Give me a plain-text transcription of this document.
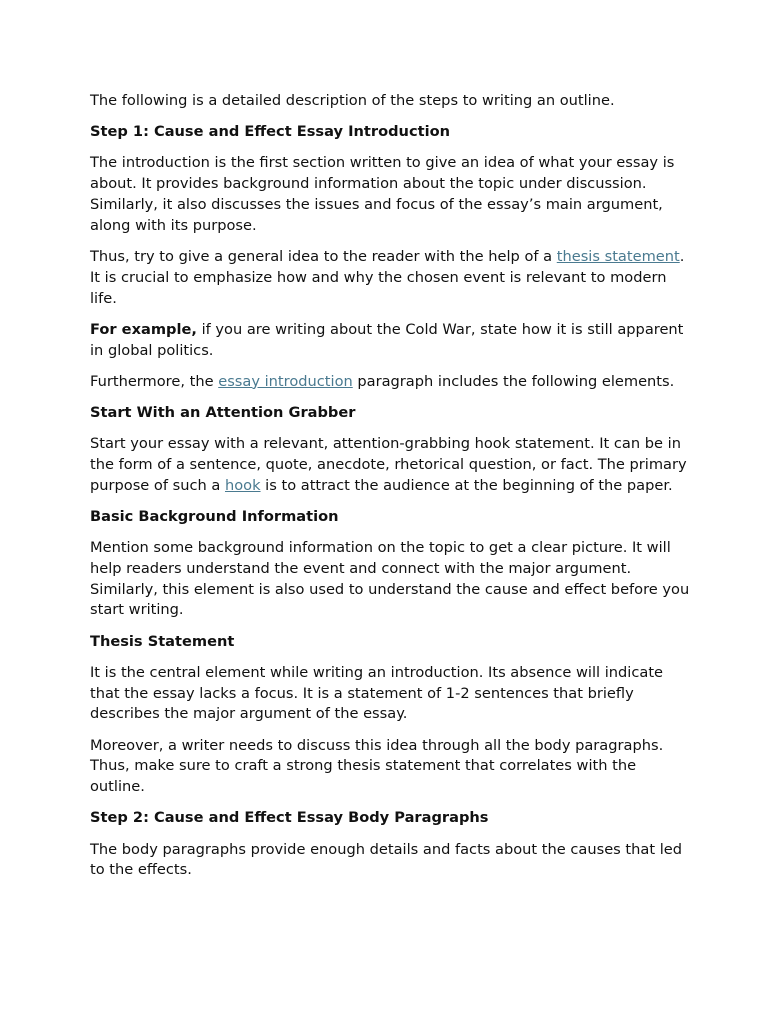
The following is a detailed description of the steps to writing an outline.

Step 1: Cause and Effect Essay Introduction

The introduction is the first section written to give an idea of what your essay is about. It provides background information about the topic under discussion. Similarly, it also discusses the issues and focus of the essay’s main argument, along with its purpose.

Thus, try to give a general idea to the reader with the help of a thesis statement. It is crucial to emphasize how and why the chosen event is relevant to modern life.

For example, if you are writing about the Cold War, state how it is still apparent in global politics.

Furthermore, the essay introduction paragraph includes the following elements.

Start With an Attention Grabber

Start your essay with a relevant, attention-grabbing hook statement. It can be in the form of a sentence, quote, anecdote, rhetorical question, or fact. The primary purpose of such a hook is to attract the audience at the beginning of the paper.

Basic Background Information

Mention some background information on the topic to get a clear picture. It will help readers understand the event and connect with the major argument. Similarly, this element is also used to understand the cause and effect before you start writing.

Thesis Statement

It is the central element while writing an introduction. Its absence will indicate that the essay lacks a focus. It is a statement of 1-2 sentences that briefly describes the major argument of the essay.

Moreover, a writer needs to discuss this idea through all the body paragraphs. Thus, make sure to craft a strong thesis statement that correlates with the outline.

Step 2: Cause and Effect Essay Body Paragraphs

The body paragraphs provide enough details and facts about the causes that led to the effects.
